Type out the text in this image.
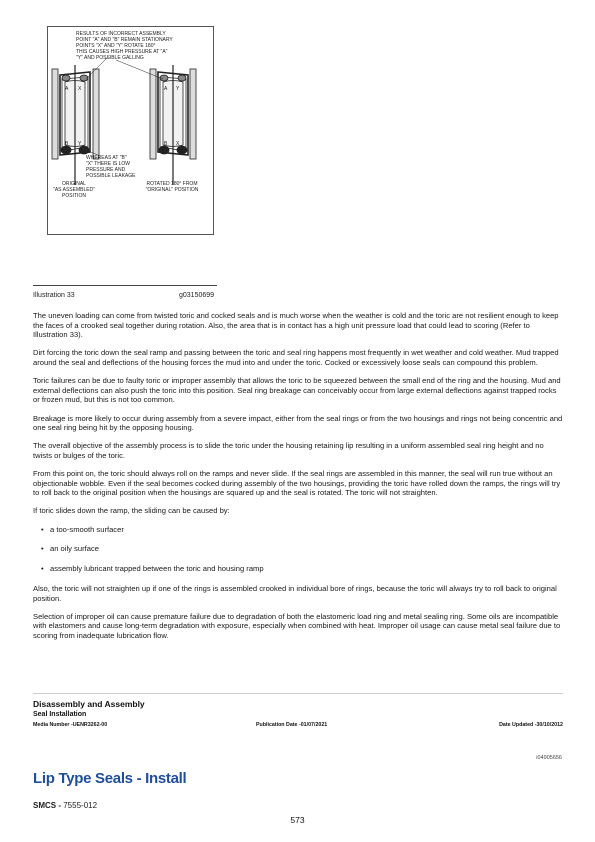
RESULTS OF INCORRECT ASSEMBLY
POINT "A" AND "B" REMAIN STATIONARY
POINTS "X" AND "Y" ROTATE 180°
THIS CAUSES HIGH PRESSURE AT "A"
"Y" AND POSSIBLE GALLING
A X
B Y
A Y
B X
WHEREAS AT "B"
"X" THERE IS LOW
PRESSURE AND
POSSIBLE LEAKAGE
ORIGINAL
"AS ASSEMBLED"
POSITION
ROTATED 180° FROM
"ORIGINAL" POSITION
Illustration 33	g03150699

The uneven loading can come from twisted toric and cocked seals and is much worse when the weather is cold and the toric are not resilient enough to keep the faces of a crooked seal together during rotation. Also, the area that is in contact has a high unit pressure load that could lead to scoring (Refer to Illustration 33).

Dirt forcing the toric down the seal ramp and passing between the toric and seal ring happens most frequently in wet weather and cold weather. Mud trapped around the seal and deflections of the housing forces the mud into and under the toric. Cocked or excessively loose seals can compound this problem.

Toric failures can be due to faulty toric or improper assembly that allows the toric to be squeezed between the small end of the ring and the housing. Mud and external deflections can also push the toric into this position. Seal ring breakage can conceivably occur from large external deflections against trapped rocks or frozen mud, but this is not too common.

Breakage is more likely to occur during assembly from a severe impact, either from the seal rings or from the two housings and rings not being concentric and one seal ring being hit by the opposing housing.

The overall objective of the assembly process is to slide the toric under the housing retaining lip resulting in a uniform assembled seal ring height and no twists or bulges of the toric.

From this point on, the toric should always roll on the ramps and never slide. If the seal rings are assembled in this manner, the seal will run true without an objectionable wobble. Even if the seal becomes cocked during assembly of the two housings, providing the toric have rolled down the ramps, the rings will try to roll back to the original position when the housings are squared up and the seal is rotated. The toric will not straighten.

If toric slides down the ramp, the sliding can be caused by:

• a too-smooth surfacer
• an oily surface
• assembly lubricant trapped between the toric and housing ramp

Also, the toric will not straighten up if one of the rings is assembled crooked in individual bore of rings, because the toric will always try to roll back to original position.

Selection of improper oil can cause premature failure due to degradation of both the elastomeric load ring and metal sealing ring. Some oils are incompatible with elastomers and cause long-term degradation with exposure, especially when combined with heat. Improper oil usage can cause metal seal failure due to scoring from inadequate lubrication flow.

Disassembly and Assembly
Seal Installation
Media Number -UENR3262-00	Publication Date -01/07/2021	Date Updated -30/10/2012
i04905656
Lip Type Seals - Install
SMCS - 7555-012
573
